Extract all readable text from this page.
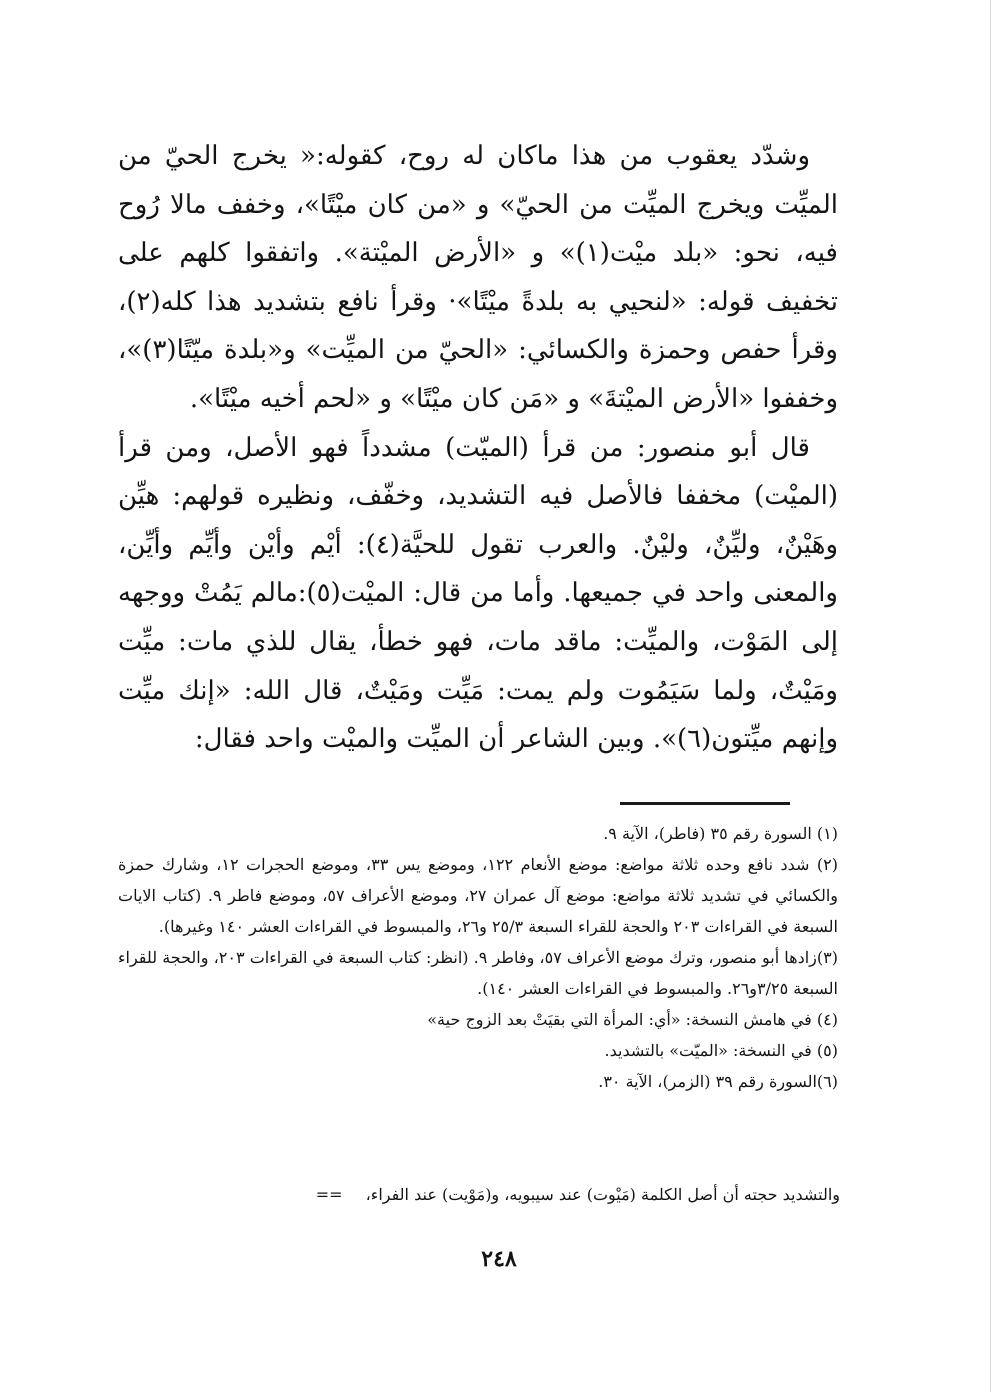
وشدّد يعقوب من هذا ماكان له روح، كقوله:« يخرج الحيّ من الميِّت ويخرج الميِّت من الحيّ» و «من كان ميْتًا»، وخفف مالا رُوح فيه، نحو: «بلد ميْت(١)» و «الأرض الميْتة». واتفقوا كلهم على تخفيف قوله: «لنحيي به بلدةً ميْتًا»· وقرأ نافع بتشديد هذا كله(٢)، وقرأ حفص وحمزة والكسائي: «الحيّ من الميِّت» و«بلدة ميّتًا(٣)»، وخففوا «الأرض الميْتةَ» و «مَن كان ميْتًا» و «لحم أخيه ميْتًا».

قال أبو منصور: من قرأ (الميّت) مشدداً فهو الأصل، ومن قرأ (الميْت) مخففا فالأصل فيه التشديد، وخفّف، ونظيره قولهم: هيِّن وهَيْنٌ، وليِّنٌ، وليْنٌ. والعرب تقول للحيَّة(٤): أيْم وأيْن وأيِّم وأيِّن، والمعنى واحد في جميعها. وأما من قال: الميْت(٥):مالم يَمُتْ ووجهه إلى المَوْت، والميِّت: ماقد مات، فهو خطأ، يقال للذي مات: ميِّت ومَيْتٌ، ولما سَيَمُوت ولم يمت: مَيِّت ومَيْتٌ، قال الله: «إنك ميِّت وإنهم ميِّتون(٦)». وبين الشاعر أن الميِّت والميْت واحد فقال:

(١) السورة رقم ٣٥ (فاطر)، الآية ٩.

(٢) شدد نافع وحده ثلاثة مواضع: موضع الأنعام ١٢٢، وموضع يس ٣٣، وموضع الحجرات ١٢، وشارك حمزة والكسائي في تشديد ثلاثة مواضع: موضع آل عمران ٢٧، وموضع الأعراف ٥٧، وموضع فاطر ٩. (كتاب الايات السبعة في القراءات ٢٠٣ والحجة للقراء السبعة ٢٥/٣ و٢٦، والمبسوط في القراءات العشر ١٤٠ وغيرها).

(٣)زادها أبو منصور، وترك موضع الأعراف ٥٧، وفاطر ٩. (انظر: كتاب السبعة في القراءات ٢٠٣، والحجة للقراء السبعة ٣/٢٥و٢٦. والمبسوط في القراءات العشر ١٤٠).

(٤) في هامش النسخة: «أي: المرأة التي بقيَتْ بعد الزوج حية»

(٥) في النسخة: «الميّت» بالتشديد.

(٦)السورة رقم ٣٩ (الزمر)، الآية ٣٠.

والتشديد حجته أن أصل الكلمة (مَيْوت) عند سيبويه، و(مَوْيت) عند الفراء، ==
٢٤٨
